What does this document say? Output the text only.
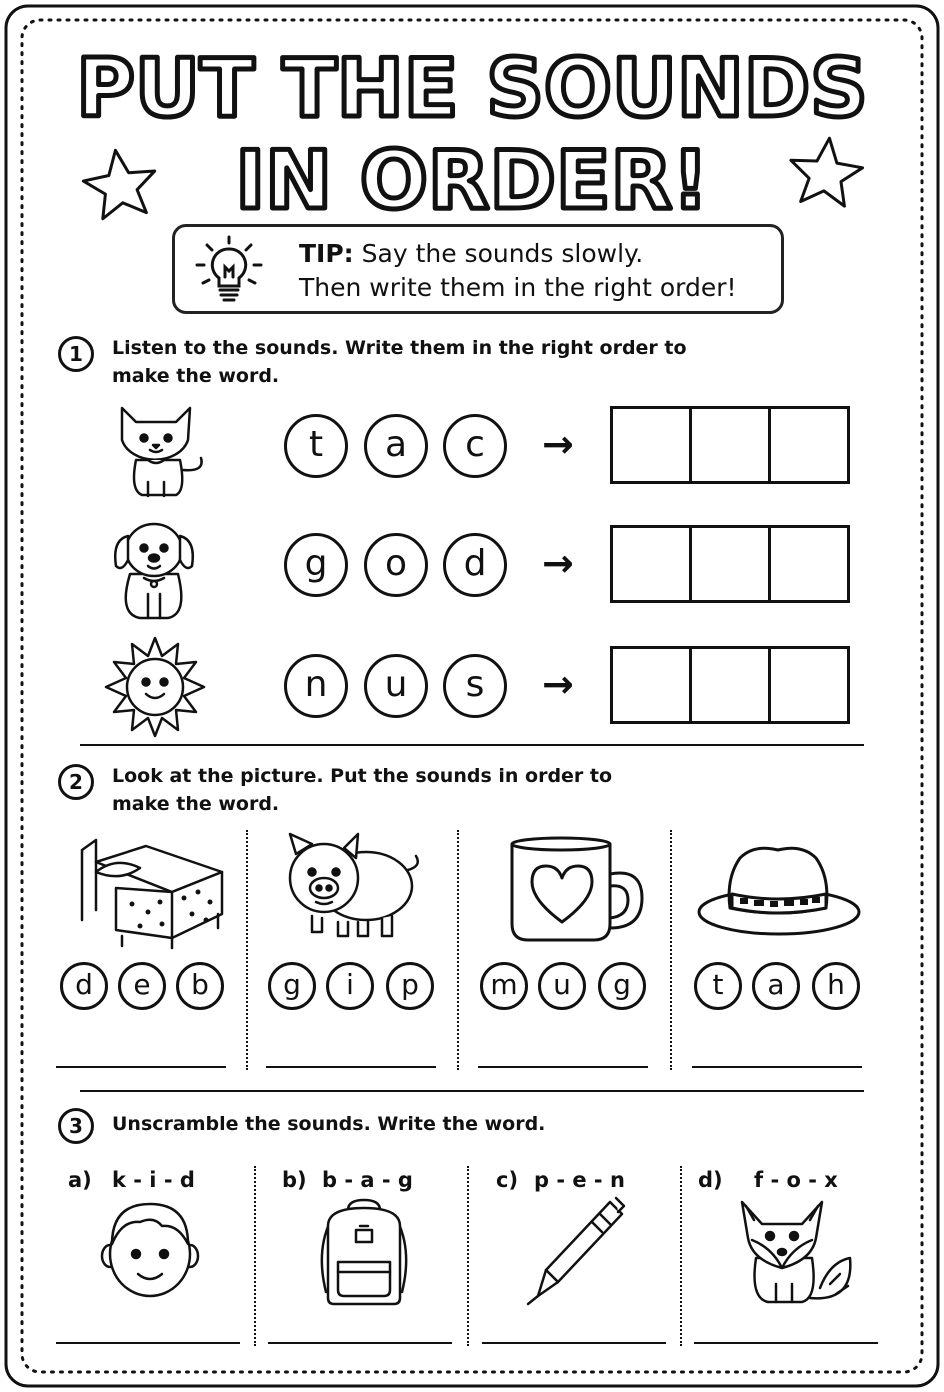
PUT THE SOUNDS
IN ORDER!
TIP: Say the sounds slowly.
Then write them in the right order!
1	Listen to the sounds. Write them in the right order to
make the word.
t	a	c	→
g	o	d	→
n	u	s	→
2	Look at the picture. Put the sounds in order to
make the word.
d	e	b	g	i	p	m	u	g	t	a	h
3	Unscramble the sounds. Write the word.
a) k - i - d	b) b - a - g	c) p - e - n	d) f - o - x
